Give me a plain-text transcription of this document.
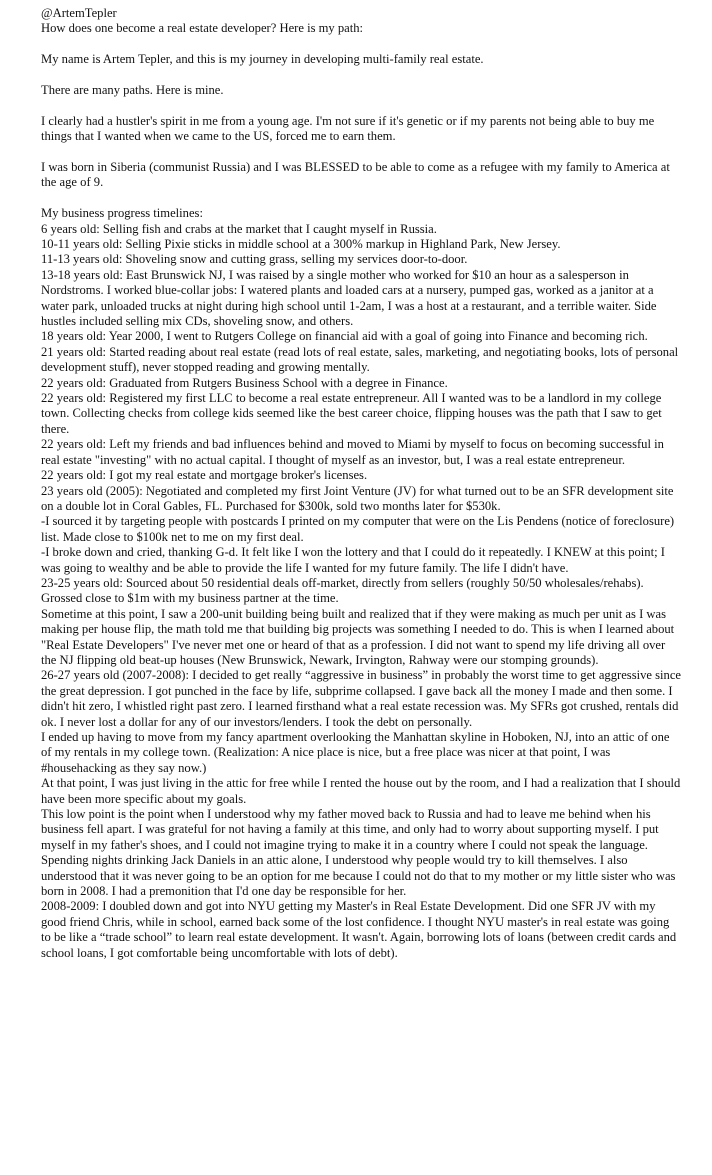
@ArtemTepler

How does one become a real estate developer? Here is my path:

My name is Artem Tepler, and this is my journey in developing multi-family real estate.

There are many paths. Here is mine.

I clearly had a hustler's spirit in me from a young age. I'm not sure if it's genetic or if my parents not being able to buy me things that I wanted when we came to the US, forced me to earn them.

I was born in Siberia (communist Russia) and I was BLESSED to be able to come as a refugee with my family to America at the age of 9.

My business progress timelines:

6 years old: Selling fish and crabs at the market that I caught myself in Russia.
10-11 years old: Selling Pixie sticks in middle school at a 300% markup in Highland Park, New Jersey.
11-13 years old: Shoveling snow and cutting grass, selling my services door-to-door.
13-18 years old: East Brunswick NJ, I was raised by a single mother who worked for $10 an hour as a salesperson in Nordstroms. I worked blue-collar jobs: I watered plants and loaded cars at a nursery, pumped gas, worked as a janitor at a water park, unloaded trucks at night during high school until 1-2am, I was a host at a restaurant, and a terrible waiter. Side hustles included selling mix CDs, shoveling snow, and others.
18 years old: Year 2000, I went to Rutgers College on financial aid with a goal of going into Finance and becoming rich.
21 years old: Started reading about real estate (read lots of real estate, sales, marketing, and negotiating books, lots of personal development stuff), never stopped reading and growing mentally.
22 years old: Graduated from Rutgers Business School with a degree in Finance.
22 years old: Registered my first LLC to become a real estate entrepreneur. All I wanted was to be a landlord in my college town. Collecting checks from college kids seemed like the best career choice, flipping houses was the path that I saw to get there.
22 years old: Left my friends and bad influences behind and moved to Miami by myself to focus on becoming successful in real estate "investing" with no actual capital. I thought of myself as an investor, but, I was a real estate entrepreneur.
22 years old: I got my real estate and mortgage broker's licenses.
23 years old (2005): Negotiated and completed my first Joint Venture (JV) for what turned out to be an SFR development site on a double lot in Coral Gables, FL. Purchased for $300k, sold two months later for $530k.
-I sourced it by targeting people with postcards I printed on my computer that were on the Lis Pendens (notice of foreclosure) list. Made close to $100k net to me on my first deal.
-I broke down and cried, thanking G-d. It felt like I won the lottery and that I could do it repeatedly. I KNEW at this point; I was going to wealthy and be able to provide the life I wanted for my future family. The life I didn't have.
23-25 years old: Sourced about 50 residential deals off-market, directly from sellers (roughly 50/50 wholesales/rehabs). Grossed close to $1m with my business partner at the time.
Sometime at this point, I saw a 200-unit building being built and realized that if they were making as much per unit as I was making per house flip, the math told me that building big projects was something I needed to do. This is when I learned about "Real Estate Developers" I've never met one or heard of that as a profession. I did not want to spend my life driving all over the NJ flipping old beat-up houses (New Brunswick, Newark, Irvington, Rahway were our stomping grounds).
26-27 years old (2007-2008): I decided to get really “aggressive in business” in probably the worst time to get aggressive since the great depression. I got punched in the face by life, subprime collapsed. I gave back all the money I made and then some. I didn't hit zero, I whistled right past zero. I learned firsthand what a real estate recession was. My SFRs got crushed, rentals did ok. I never lost a dollar for any of our investors/lenders. I took the debt on personally.
I ended up having to move from my fancy apartment overlooking the Manhattan skyline in Hoboken, NJ, into an attic of one of my rentals in my college town. (Realization: A nice place is nice, but a free place was nicer at that point, I was #househacking as they say now.)
At that point, I was just living in the attic for free while I rented the house out by the room, and I had a realization that I should have been more specific about my goals.
This low point is the point when I understood why my father moved back to Russia and had to leave me behind when his business fell apart. I was grateful for not having a family at this time, and only had to worry about supporting myself. I put myself in my father's shoes, and I could not imagine trying to make it in a country where I could not speak the language. Spending nights drinking Jack Daniels in an attic alone, I understood why people would try to kill themselves. I also understood that it was never going to be an option for me because I could not do that to my mother or my little sister who was born in 2008. I had a premonition that I'd one day be responsible for her.
2008-2009: I doubled down and got into NYU getting my Master's in Real Estate Development. Did one SFR JV with my good friend Chris, while in school, earned back some of the lost confidence. I thought NYU master's in real estate was going to be like a “trade school” to learn real estate development. It wasn't. Again, borrowing lots of loans (between credit cards and school loans, I got comfortable being uncomfortable with lots of debt).
